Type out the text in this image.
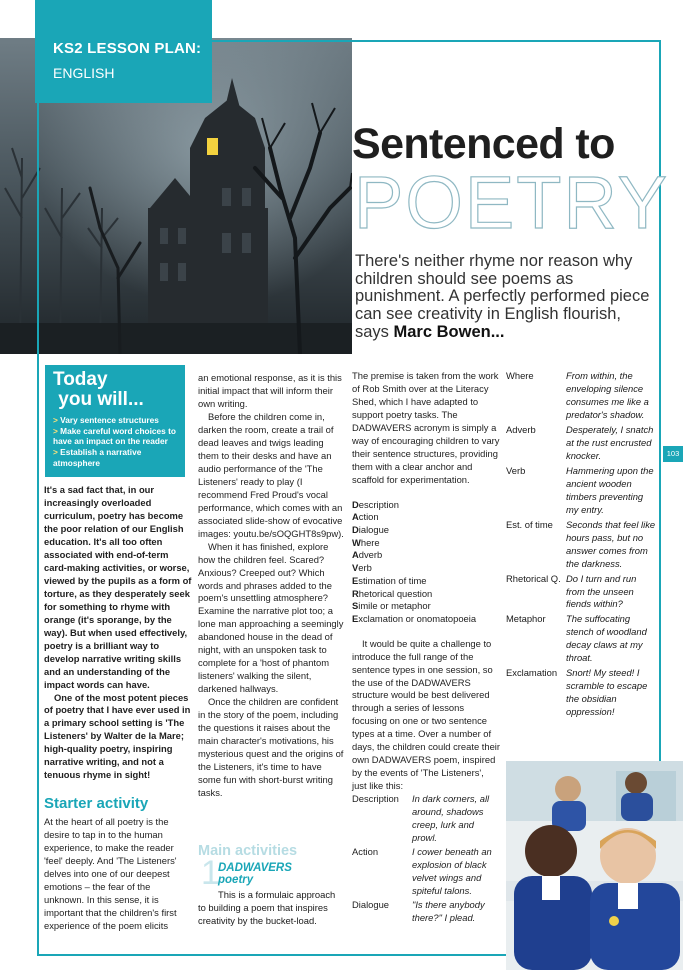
KS2 LESSON PLAN:
ENGLISH
Sentenced to
POETRY
There's neither rhyme nor reason why children should see poems as punishment. A perfectly performed piece can see creativity in English flourish, says Marc Bowen...
Today
you will...
> Vary sentence structures
> Make careful word choices to have an impact on the reader
> Establish a narrative atmosphere

It's a sad fact that, in our increasingly overloaded curriculum, poetry has become the poor relation of our English education. It's all too often associated with end-of-term card-making activities, or worse, viewed by the pupils as a form of torture, as they desperately seek for something to rhyme with orange (it's sporange, by the way). But when used effectively, poetry is a brilliant way to develop narrative writing skills and an understanding of the impact words can have.

One of the most potent pieces of poetry that I have ever used in a primary school setting is 'The Listeners' by Walter de la Mare; high-quality poetry, inspiring narrative writing, and not a tenuous rhyme in sight!

Starter activity

At the heart of all poetry is the desire to tap in to the human experience, to make the reader 'feel' deeply. And 'The Listeners' delves into one of our deepest emotions – the fear of the unknown. In this sense, it is important that the children's first experience of the poem elicits

an emotional response, as it is this initial impact that will inform their own writing.

Before the children come in, darken the room, create a trail of dead leaves and twigs leading them to their desks and have an audio performance of the 'The Listeners' ready to play (I recommend Fred Proud's vocal performance, which comes with an associated slide-show of evocative images: youtu.be/sOQGHT8s9pw).

When it has finished, explore how the children feel. Scared? Anxious? Creeped out? Which words and phrases added to the poem's unsettling atmosphere? Examine the narrative plot too; a lone man approaching a seemingly abandoned house in the dead of night, with an unspoken task to complete for a 'host of phantom listeners' walking the silent, darkened hallways.

Once the children are confident in the story of the poem, including the questions it raises about the main character's motivations, his mysterious quest and the origins of the Listeners, it's time to have some fun with short-burst writing tasks.

Main activities
1
DADWAVERS
poetry
This is a formulaic approach to building a poem that inspires creativity by the bucket-load.

The premise is taken from the work of Rob Smith over at the Literacy Shed, which I have adapted to support poetry tasks. The DADWAVERS acronym is simply a way of encouraging children to vary their sentence structures, providing them with a clear anchor and scaffold for experimentation.

Description
Action
Dialogue
Where
Adverb
Verb
Estimation of time
Rhetorical question
Simile or metaphor
Exclamation or onomatopoeia

It would be quite a challenge to introduce the full range of the sentence types in one session, so the use of the DADWAVERS structure would be best delivered through a series of lessons focusing on one or two sentence types at a time. Over a number of days, the children could create their own DADWAVERS poem, inspired by the events of 'The Listeners', just like this:

Description	In dark corners, all around, shadows creep, lurk and prowl.
Action	I cower beneath an explosion of black velvet wings and spiteful talons.
Dialogue	"Is there anybody there?" I plead.
Where	From within, the enveloping silence consumes me like a predator's shadow.
Adverb	Desperately, I snatch at the rust encrusted knocker.
Verb	Hammering upon the ancient wooden timbers preventing my entry.
Est. of time	Seconds that feel like hours pass, but no answer comes from the darkness.
Rhetorical Q. Do I turn and run from the unseen fiends within?
Metaphor	The suffocating stench of woodland decay claws at my throat.
Exclamation Snort! My steed! I scramble to escape the obsidian oppression!
103
